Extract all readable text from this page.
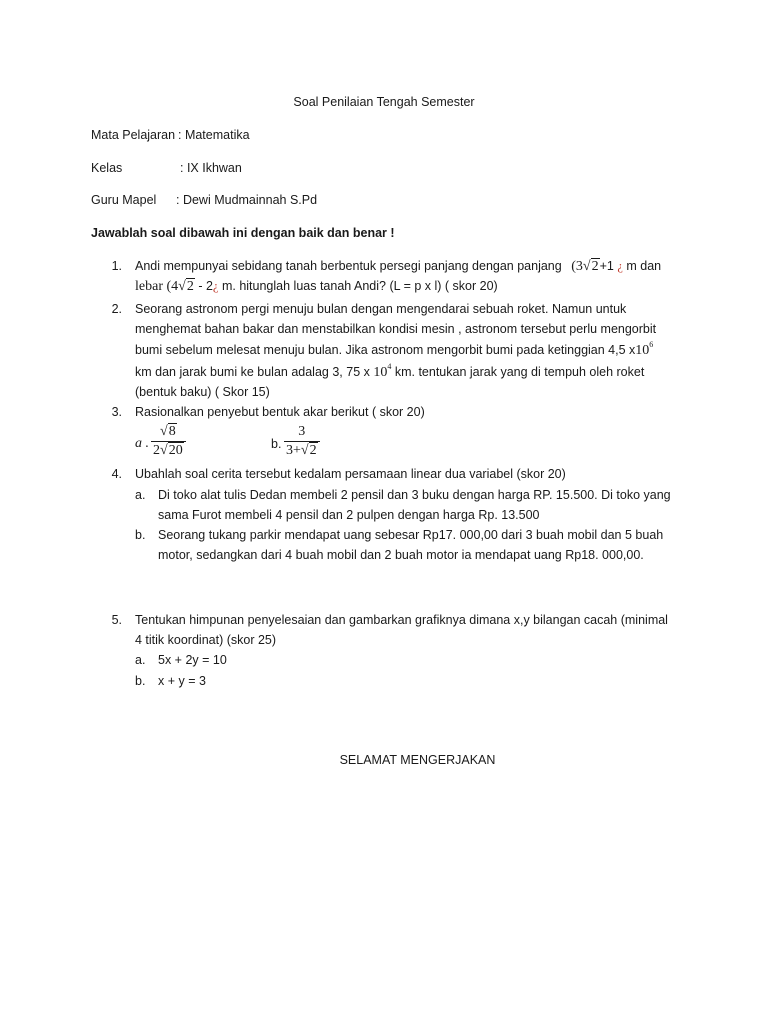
Soal Penilaian Tengah Semester
Mata Pelajaran : Matematika
Kelas	: IX Ikhwan
Guru Mapel : Dewi Mudmainnah S.Pd
Jawablah soal dibawah ini dengan baik dan benar !
1. Andi mempunyai sebidang tanah berbentuk persegi panjang dengan panjang (3√2+1 ¿ m dan
lebar (4√2 - 2¿ m. hitunglah luas tanah Andi? (L = p x l) ( skor 20)
2. Seorang astronom pergi menuju bulan dengan mengendarai sebuah roket. Namun untuk
menghemat bahan bakar dan menstabilkan kondisi mesin , astronom tersebut perlu mengorbit
bumi sebelum melesat menuju bulan. Jika astronom mengorbit bumi pada ketinggian 4,5 $x10^6$
km dan jarak bumi ke bulan adalag 3, 75 x $10^4$ km. tentukan jarak yang di tempuh oleh roket
(bentuk baku) ( Skor 15)
3. Rasionalkan penyebut bentuk akar berikut ( skor 20)
a .
√8
2√20	b.
3
3+√2
4. Ubahlah soal cerita tersebut kedalam persamaan linear dua variabel (skor 20)
a. Di toko alat tulis Dedan membeli 2 pensil dan 3 buku dengan harga RP. 15.500. Di toko yang
sama Furot membeli 4 pensil dan 2 pulpen dengan harga Rp. 13.500
b. Seorang tukang parkir mendapat uang sebesar Rp17. 000,00 dari 3 buah mobil dan 5 buah
motor, sedangkan dari 4 buah mobil dan 2 buah motor ia mendapat uang Rp18. 000,00.
5. Tentukan himpunan penyelesaian dan gambarkan grafiknya dimana x,y bilangan cacah (minimal
4 titik koordinat) (skor 25)
a. 5x + 2y = 10
b. x + y = 3
SELAMAT MENGERJAKAN
